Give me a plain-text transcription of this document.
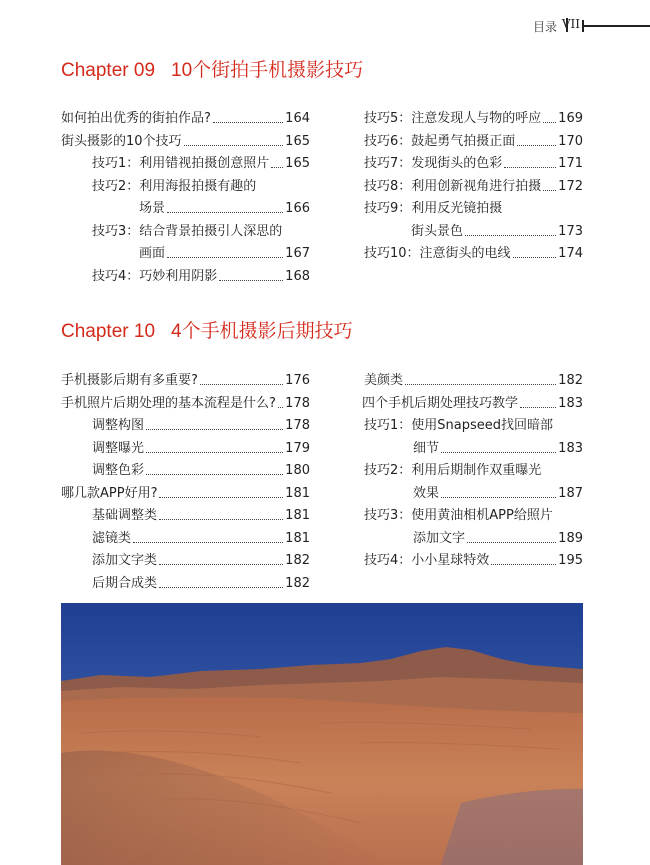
目录 VII
Chapter 09 10个街拍手机摄影技巧
如何拍出优秀的街拍作品?	164
街头摄影的10个技巧	165
技巧1：利用错视拍摄创意照片 165
技巧2：利用海报拍摄有趣的
场景	166
技巧3：结合背景拍摄引人深思的
画面	167
技巧4：巧妙利用阴影	168
技巧5：注意发现人与物的呼应 169
技巧6：鼓起勇气拍摄正面	170
技巧7：发现街头的色彩	171
技巧8：利用创新视角进行拍摄 172
技巧9：利用反光镜拍摄
街头景色	173
技巧10：注意街头的电线	174
Chapter 10 4个手机摄影后期技巧
手机摄影后期有多重要?	176
手机照片后期处理的基本流程是什么? 178
调整构图	178
调整曝光	179
调整色彩	180
哪几款APP好用?	181
基础调整类	181
滤镜类	181
添加文字类	182
后期合成类	182
美颜类	182
四个手机后期处理技巧教学	183
技巧1：使用Snapseed找回暗部
细节	183
技巧2：利用后期制作双重曝光
效果	187
技巧3：使用黄油相机APP给照片
添加文字	189
技巧4：小小星球特效	195
